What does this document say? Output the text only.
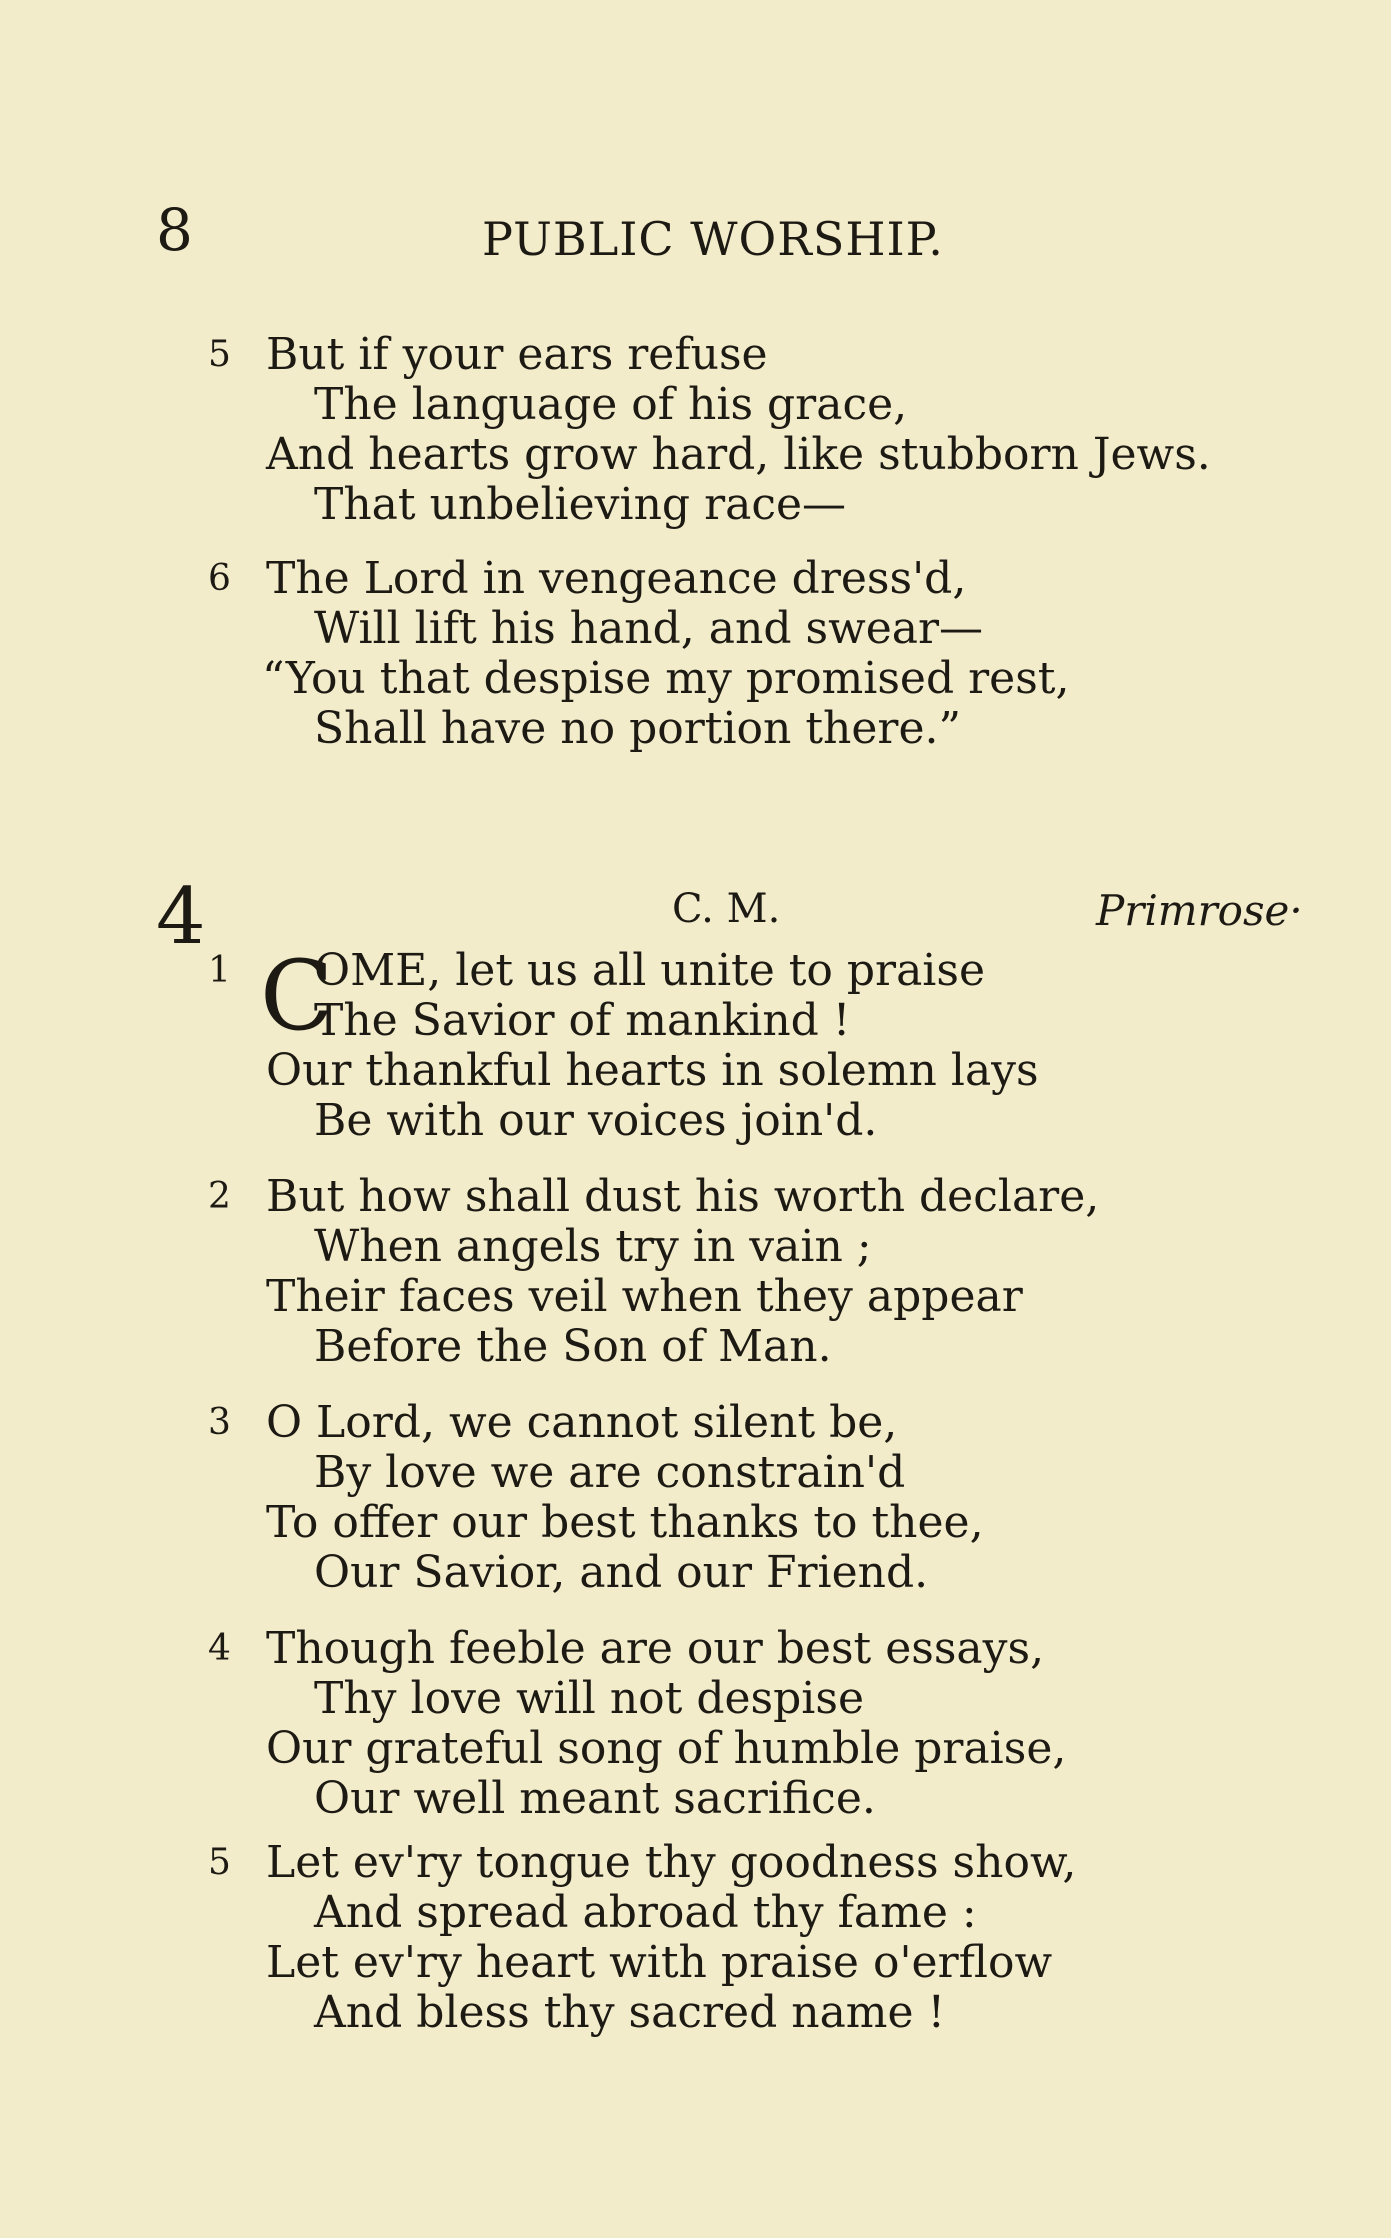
8	PUBLIC WORSHIP.
5 But if your ears refuse
The language of his grace,
And hearts grow hard, like stubborn Jews.
That unbelieving race—
6 The Lord in vengeance dress'd,
Will lift his hand, and swear—
“You that despise my promised rest,
Shall have no portion there.”
4	C. M.	Primrose·
1 C
OME, let us all unite to praise
The Savior of mankind !
Our thankful hearts in solemn lays
Be with our voices join'd.
2 But how shall dust his worth declare,
When angels try in vain ;
Their faces veil when they appear
Before the Son of Man.
3 O Lord, we cannot silent be,
By love we are constrain'd
To offer our best thanks to thee,
Our Savior, and our Friend.
4 Though feeble are our best essays,
Thy love will not despise
Our grateful song of humble praise,
Our well meant sacrifice.
5 Let ev'ry tongue thy goodness show,
And spread abroad thy fame :
Let ev'ry heart with praise o'erflow
And bless thy sacred name !
